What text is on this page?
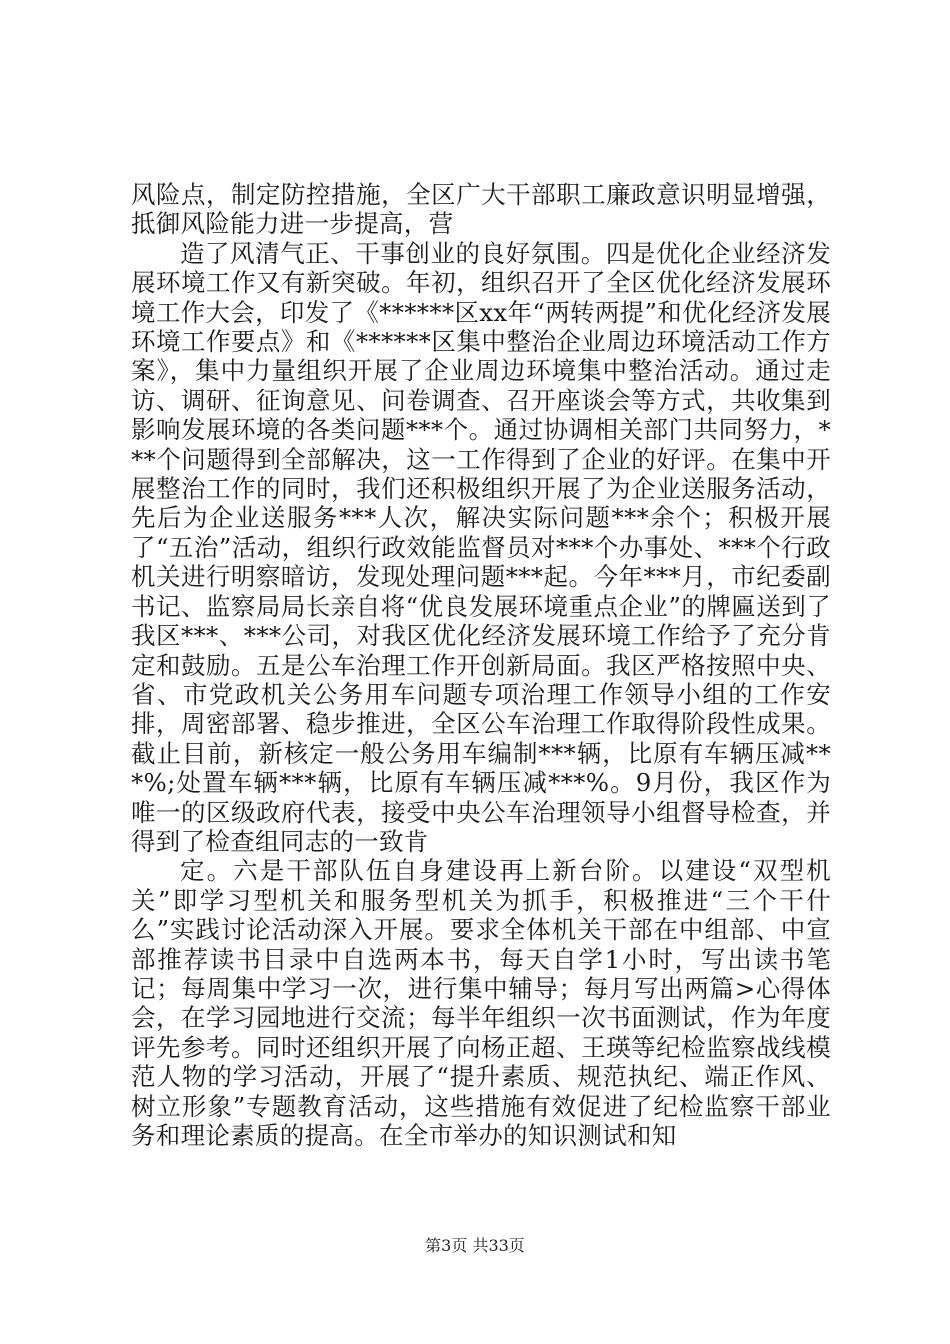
风险点，制定防控措施，全区广大干部职工廉政意识明显增强，抵御风险能力进一步提高，营

造了风清气正、干事创业的良好氛围。四是优化企业经济发展环境工作又有新突破。年初，组织召开了全区优化经济发展环境工作大会，印发了《******区xx年“两转两提”和优化经济发展环境工作要点》和《******区集中整治企业周边环境活动工作方案》，集中力量组织开展了企业周边环境集中整治活动。通过走访、调研、征询意见、问卷调查、召开座谈会等方式，共收集到影响发展环境的各类问题***个。通过协调相关部门共同努力，***个问题得到全部解决，这一工作得到了企业的好评。在集中开展整治工作的同时，我们还积极组织开展了为企业送服务活动，先后为企业送服务***人次，解决实际问题***余个；积极开展了“五治”活动，组织行政效能监督员对***个办事处、***个行政机关进行明察暗访，发现处理问题***起。今年***月，市纪委副书记、监察局局长亲自将“优良发展环境重点企业”的牌匾送到了我区***、***公司，对我区优化经济发展环境工作给予了充分肯定和鼓励。五是公车治理工作开创新局面。我区严格按照中央、省、市党政机关公务用车问题专项治理工作领导小组的工作安排，周密部署、稳步推进，全区公车治理工作取得阶段性成果。截止目前，新核定一般公务用车编制***辆，比原有车辆压减***%;处置车辆***辆，比原有车辆压减***%。9月份，我区作为唯一的区级政府代表，接受中央公车治理领导小组督导检查，并得到了检查组同志的一致肯

定。六是干部队伍自身建设再上新台阶。以建设“双型机关”即学习型机关和服务型机关为抓手，积极推进“三个干什么”实践讨论活动深入开展。要求全体机关干部在中组部、中宣部推荐读书目录中自选两本书，每天自学1小时，写出读书笔记；每周集中学习一次，进行集中辅导；每月写出两篇>心得体会，在学习园地进行交流；每半年组织一次书面测试，作为年度评先参考。同时还组织开展了向杨正超、王瑛等纪检监察战线模范人物的学习活动，开展了“提升素质、规范执纪、端正作风、树立形象”专题教育活动，这些措施有效促进了纪检监察干部业务和理论素质的提高。在全市举办的知识测试和知

第3页 共33页
